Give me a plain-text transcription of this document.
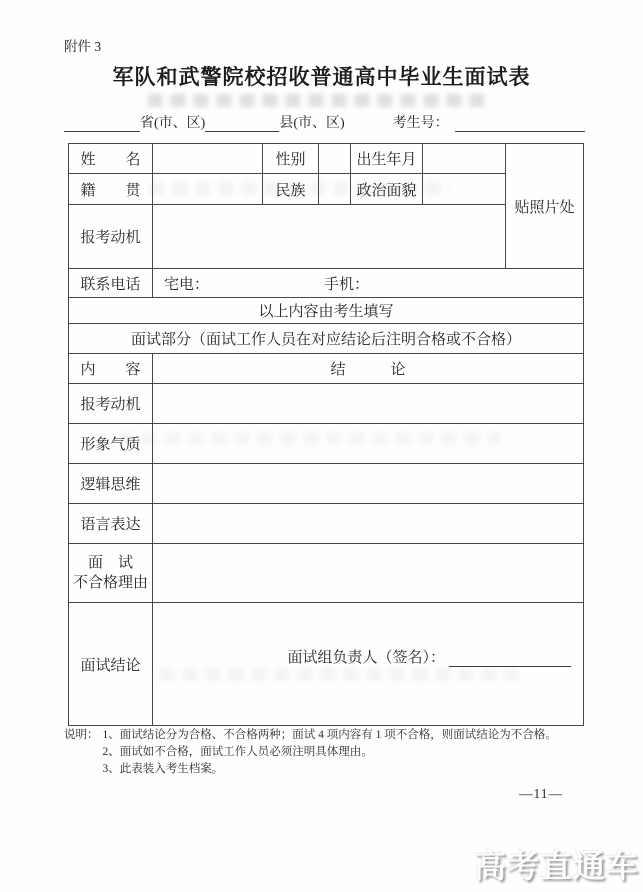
附件 3
军队和武警院校招收普通高中毕业生面试表
省(市、区)	县(市、区)	考生号：
姓　　名		性别		出生年月		贴照片处
籍　　贯		民族		政治面貌		
报考动机						
联系电话	宅电： 手机：					

以上内容由考生填写						
面试部分（面试工作人员在对应结论后注明合格或不合格）						
内　　容	结　　　论					
报考动机						
形象气质						
逻辑思维						
语言表达						

面　试
不合格理由						

面试结论	面试组负责人（签名）：					
说明： 1、面试结论分为合格、不合格两种；面试 4 项内容有 1 项不合格，则面试结论为不合格。
2、面试如不合格，面试工作人员必须注明具体理由。
3、此表装入考生档案。
—11—
高考直通车
